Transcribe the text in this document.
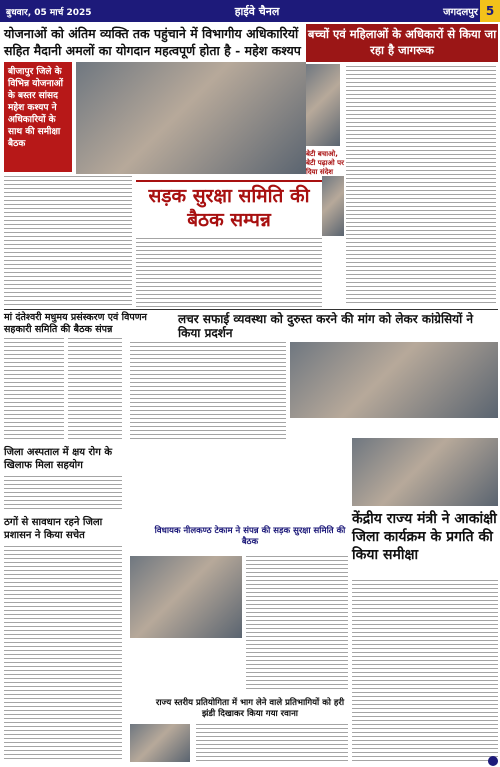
बुधवार, 05 मार्च 2025	हाईवे चैनल	जगदलपुर 5
योजनाओं को अंतिम व्यक्ति तक पहुंचाने में विभागीय अधिकारियों
सहित मैदानी अमलों का योगदान महत्वपूर्ण होता है - महेश कश्यप
बीजापुर जिले के विभिन्न योजनाओं के बस्तर सांसद महेश कश्यप ने अधिकारियों के साथ की समीक्षा बैठक
बच्चों एवं महिलाओं के अधिकारों से किया जा रहा है जागरूक
बेटी बचाओ, बेटी पढ़ाओ पर दिया संदेश
सड़क सुरक्षा समिति की बैठक सम्पन्न
मां दंतेश्वरी मधुमय प्रसंस्करण एवं विपणन सहकारी समिति की बैठक संपन्न
लचर सफाई व्यवस्था को दुरुस्त करने की मांग को लेकर कांग्रेसियों ने किया प्रदर्शन
जिला अस्पताल में क्षय रोग के खिलाफ मिला सहयोग
ठगों से सावधान रहने जिला प्रशासन ने किया सचेत	विधायक नीलकण्ठ टेकाम ने संपन्न की सड़क सुरक्षा समिति की बैठक
केंद्रीय राज्य मंत्री ने आकांक्षी जिला कार्यक्रम के प्रगति की किया समीक्षा
राज्य स्तरीय प्रतियोगिता में भाग लेने वाले प्रतिभागियों को हरी झंडी दिखाकर किया गया रवाना
